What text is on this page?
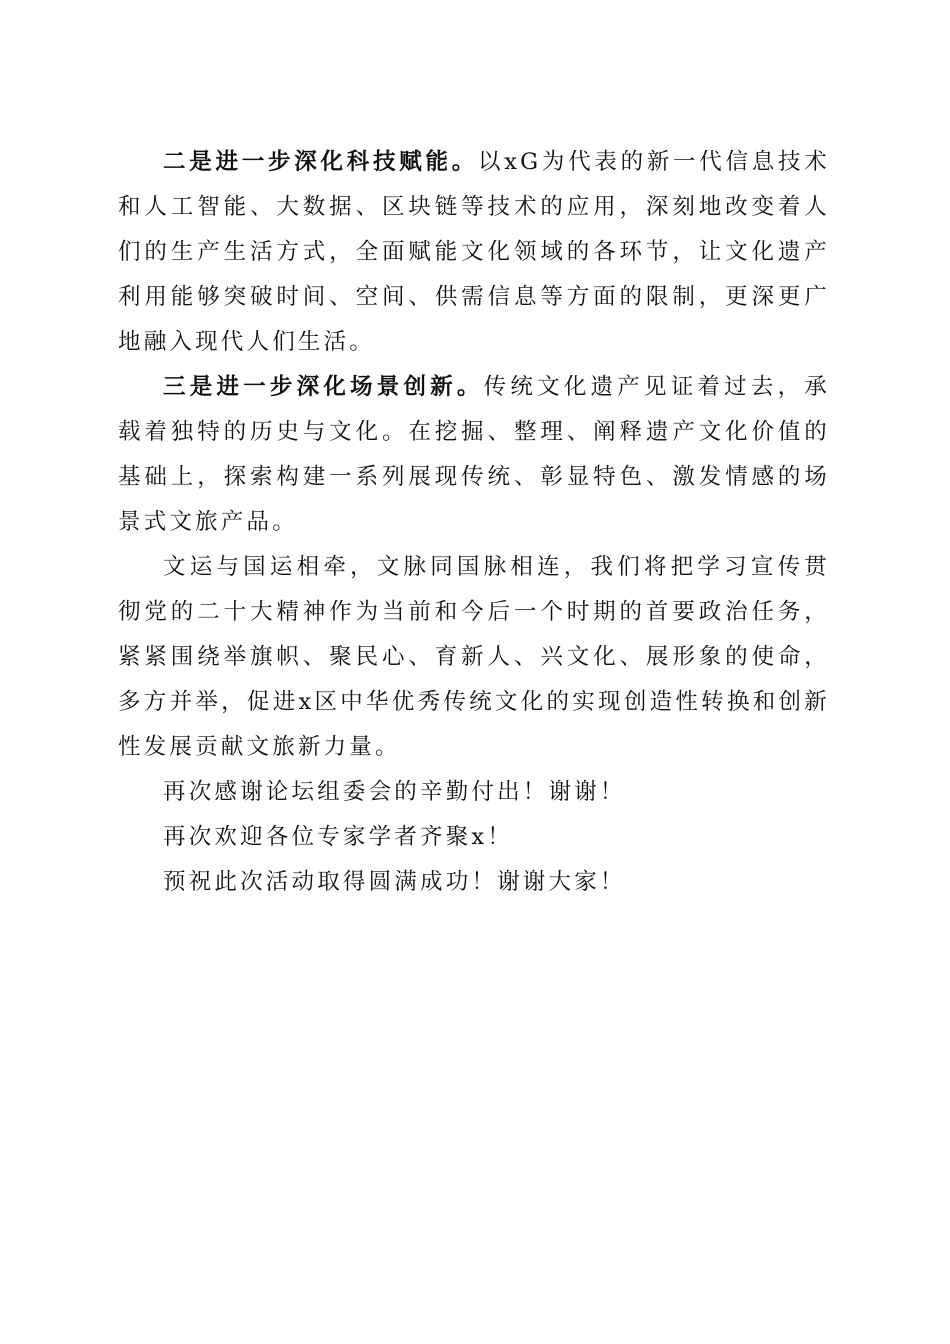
二是进一步深化科技赋能。以xG为代表的新一代信息技术和人工智能、大数据、区块链等技术的应用，深刻地改变着人们的生产生活方式，全面赋能文化领域的各环节，让文化遗产利用能够突破时间、空间、供需信息等方面的限制，更深更广地融入现代人们生活。

三是进一步深化场景创新。传统文化遗产见证着过去，承载着独特的历史与文化。在挖掘、整理、阐释遗产文化价值的基础上，探索构建一系列展现传统、彰显特色、激发情感的场景式文旅产品。

文运与国运相牵，文脉同国脉相连，我们将把学习宣传贯彻党的二十大精神作为当前和今后一个时期的首要政治任务，紧紧围绕举旗帜、聚民心、育新人、兴文化、展形象的使命，多方并举，促进x区中华优秀传统文化的实现创造性转换和创新性发展贡献文旅新力量。

再次感谢论坛组委会的辛勤付出！谢谢！

再次欢迎各位专家学者齐聚x！

预祝此次活动取得圆满成功！谢谢大家！
